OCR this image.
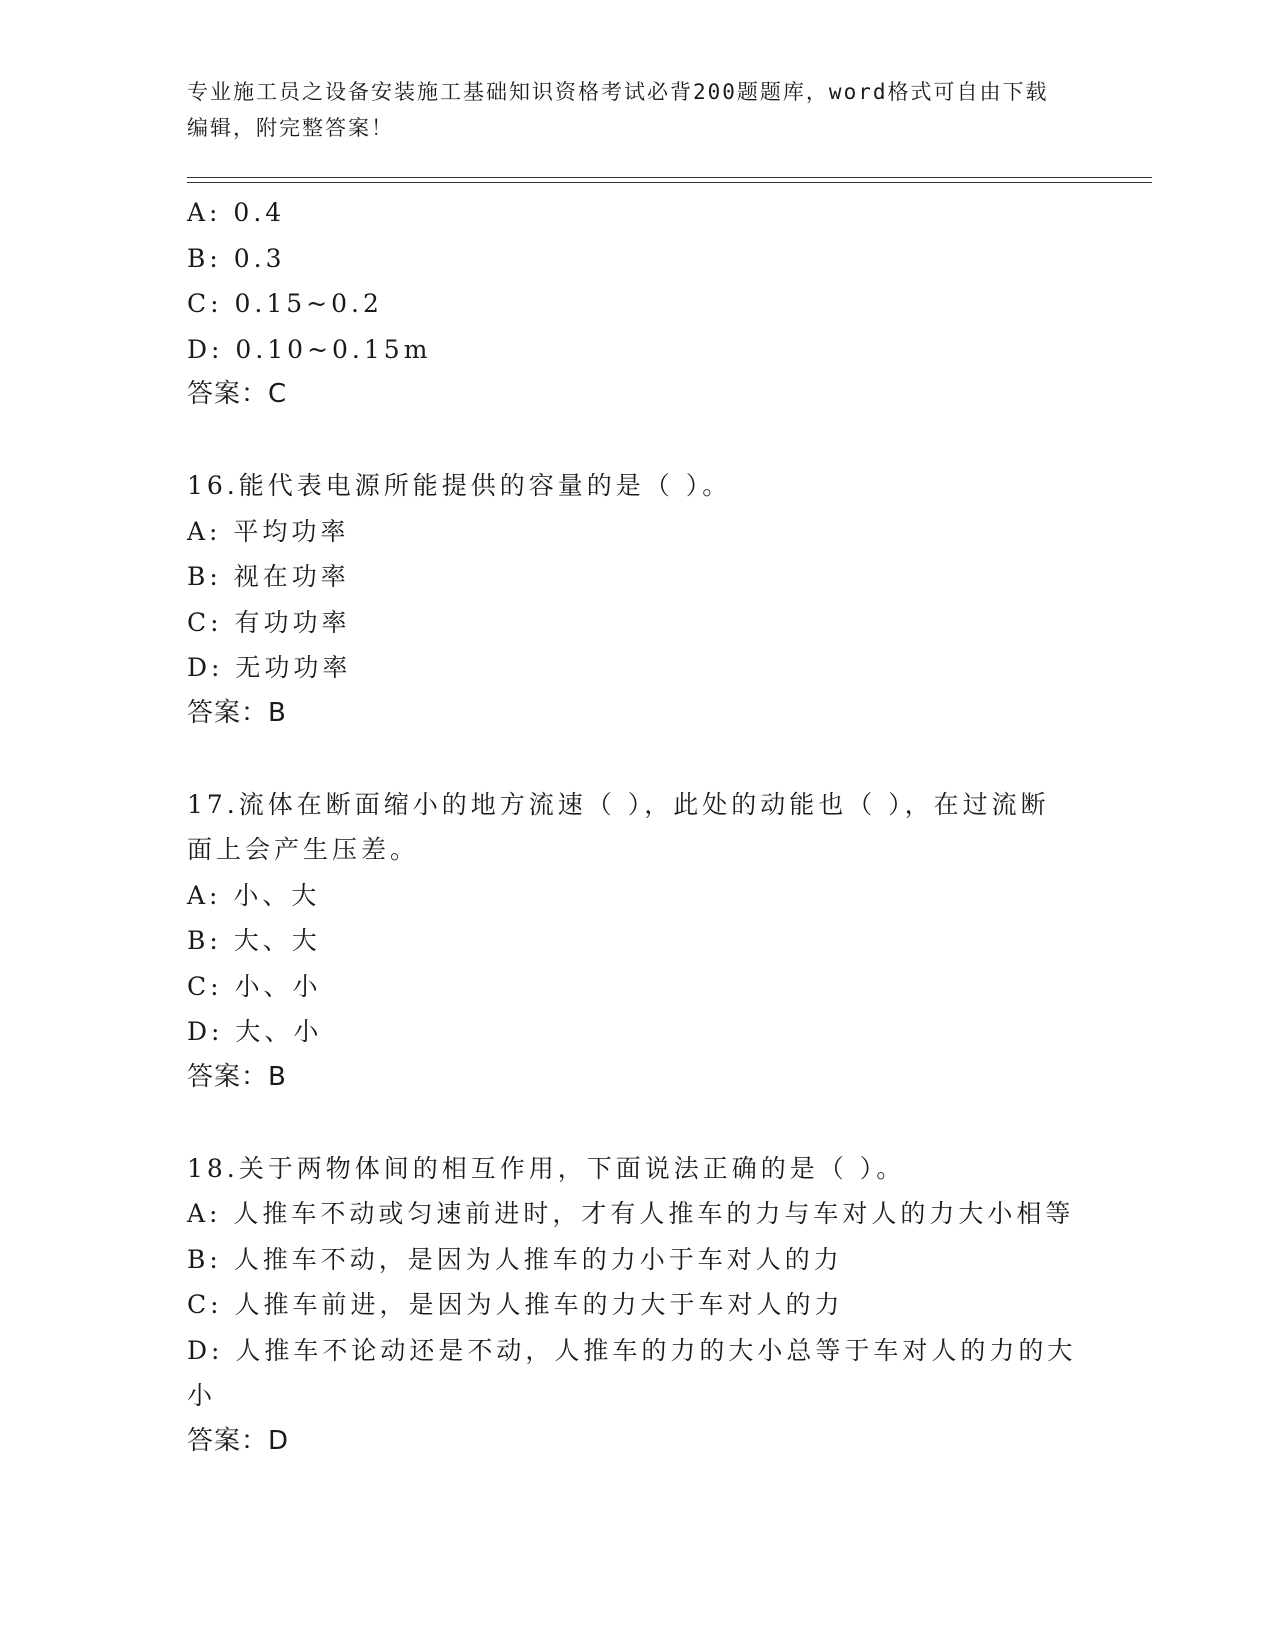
专业施工员之设备安装施工基础知识资格考试必背200题题库，word格式可自由下载编辑，附完整答案！
A: 0.4
B: 0.3
C: 0.15~0.2
D: 0.10~0.15m
答案：C
16.能代表电源所能提供的容量的是（ ）。
A: 平均功率
B: 视在功率
C: 有功功率
D: 无功功率
答案：B
17.流体在断面缩小的地方流速（ ），此处的动能也（ ），在过流断
面上会产生压差。
A: 小、大
B: 大、大
C: 小、小
D: 大、小
答案：B
18.关于两物体间的相互作用，下面说法正确的是（ ）。
A: 人推车不动或匀速前进时，才有人推车的力与车对人的力大小相等
B: 人推车不动，是因为人推车的力小于车对人的力
C: 人推车前进，是因为人推车的力大于车对人的力
D: 人推车不论动还是不动，人推车的力的大小总等于车对人的力的大
小
答案：D
